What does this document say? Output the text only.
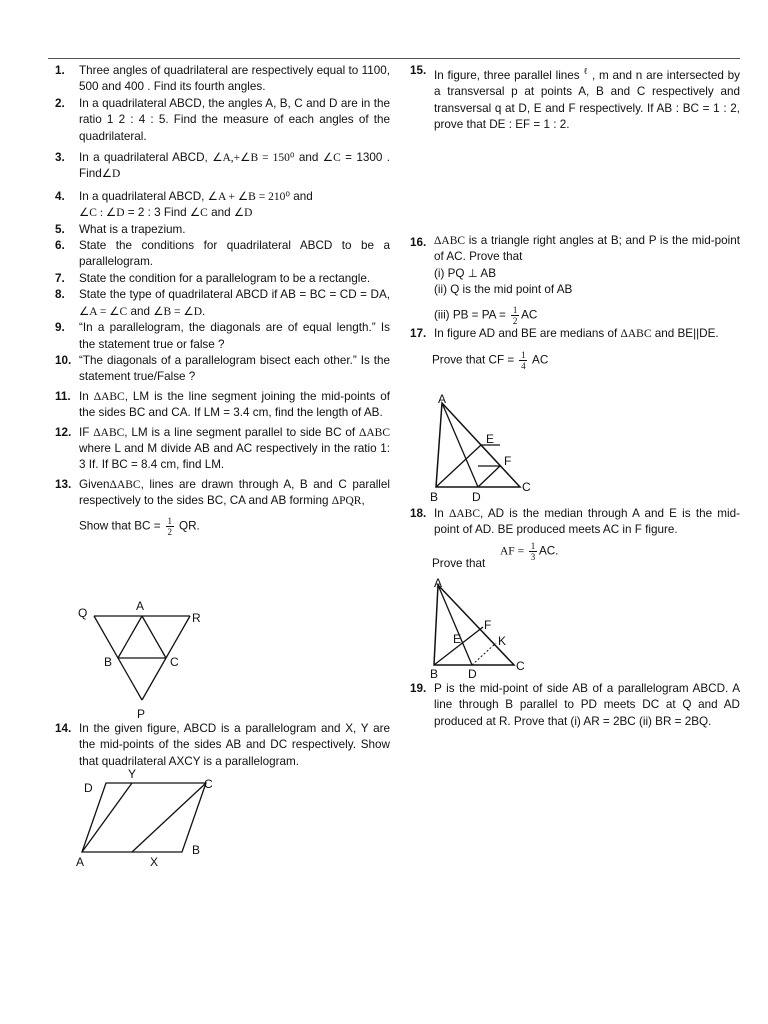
1.	Three angles of quadrilateral are respectively equal to 1100, 500 and 400 . Find its fourth angles.
2.	In a quadrilateral ABCD, the angles A, B, C and D are in the ratio 1 2 : 4 : 5. Find the measure of each angles of the quadrilateral.
3.	In a quadrilateral ABCD, ∠A,+∠B = 150⁰ and ∠C = 1300 . Find∠D
4.	In a quadrilateral ABCD, ∠A + ∠B = 210⁰ and
∠C : ∠D = 2 : 3 Find ∠C and ∠D
5.	What is a trapezium.
6.	State the conditions for quadrilateral ABCD to be a parallelogram.
7.	State the condition for a parallelogram to be a rectangle.
8.	State the type of quadrilateral ABCD if AB = BC = CD = DA, ∠A = ∠C and ∠B = ∠D.
9.	“In a parallelogram, the diagonals are of equal length.” Is the statement true or false ?
10. “The diagonals of a parallelogram bisect each other.” Is the statement true/False ?
11. In ΔABC, LM is the line segment joining the mid-points of the sides BC and CA. If LM = 3.4 cm, find the length of AB.
12. IF ΔABC, LM is a line segment parallel to side BC of ΔABC where L and M divide AB and AC respectively in the ratio 1: 3 If. If BC = 8.4 cm, find LM.
13. GivenΔABC, lines are drawn through A, B and C parallel respectively to the sides BC, CA and AB forming ΔPQR,
Show that BC = $\frac{1}{2}$ QR.
Q	A
R
B	C
P
14. In the given figure, ABCD is a parallelogram and X, Y are the mid-points of the sides AB and DC respectively. Show that quadrilateral AXCY is a parallelogram.
D
Y
C
A	X
B
15. In figure, three parallel lines $^\ell$ , m and n are intersected by a transversal p at points A, B and C respectively and transversal q at D, E and F respectively. If AB : BC = 1 : 2, prove that DE : EF = 1 : 2.
16. ΔABC is a triangle right angles at B; and P is the mid-point of AC. Prove that
(i) PQ ⊥ AB
(ii) Q is the mid point of AB
(iii) PB = PA = $\frac{1}{2}$ AC
17. In figure AD and BE are medians of ΔABC and BE||DE.
Prove that CF = $\frac{1}{4}$ AC
A
E
F
B	D
C
18. In ΔABC, AD is the median through A and E is the mid-point of AD. BE produced meets AC in F figure.
AF = $\frac{1}{3}$ AC.
Prove that
A
F
E	K
B D
C
19. P is the mid-point of side AB of a parallelogram ABCD. A line through B parallel to PD meets DC at Q and AD produced at R. Prove that (i) AR = 2BC (ii) BR = 2BQ.
